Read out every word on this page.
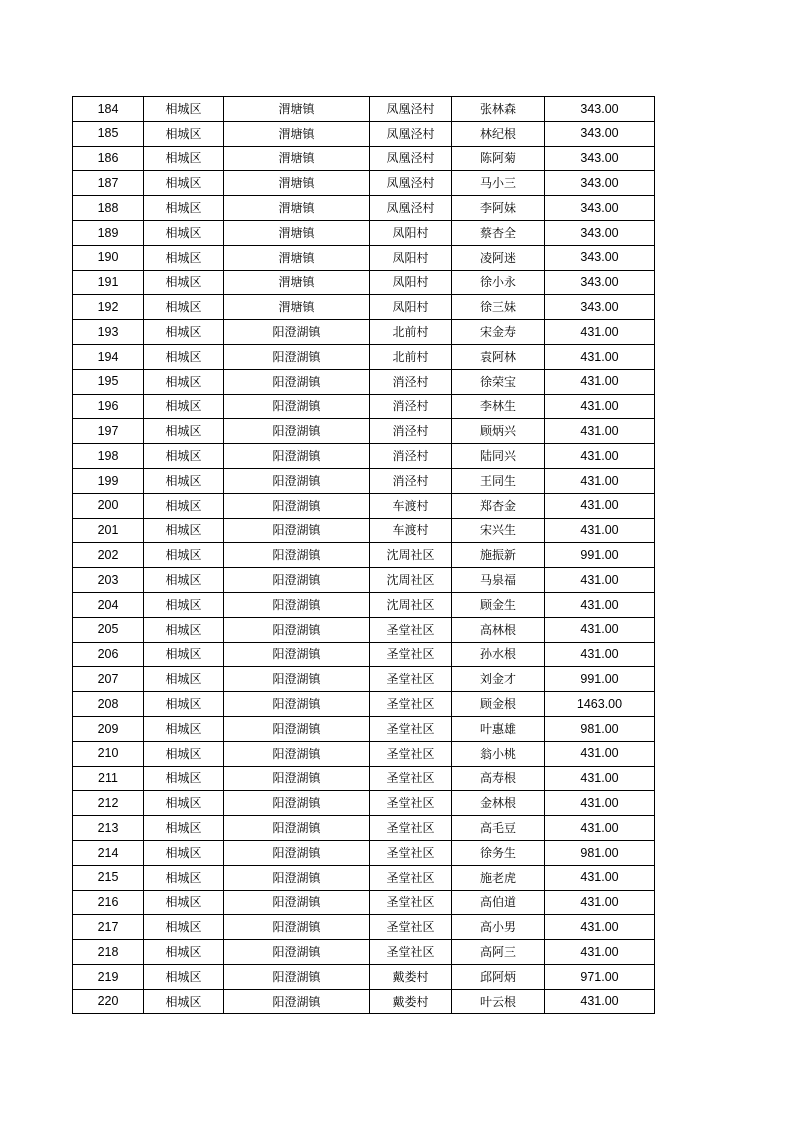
184	相城区	渭塘镇	凤凰泾村	张林森	343.00
185	相城区	渭塘镇	凤凰泾村	林纪根	343.00
186	相城区	渭塘镇	凤凰泾村	陈阿菊	343.00
187	相城区	渭塘镇	凤凰泾村	马小三	343.00
188	相城区	渭塘镇	凤凰泾村	李阿妹	343.00
189	相城区	渭塘镇	凤阳村	蔡杏全	343.00
190	相城区	渭塘镇	凤阳村	凌阿迷	343.00
191	相城区	渭塘镇	凤阳村	徐小永	343.00
192	相城区	渭塘镇	凤阳村	徐三妹	343.00
193	相城区	阳澄湖镇	北前村	宋金寿	431.00
194	相城区	阳澄湖镇	北前村	袁阿林	431.00
195	相城区	阳澄湖镇	消泾村	徐荣宝	431.00
196	相城区	阳澄湖镇	消泾村	李林生	431.00
197	相城区	阳澄湖镇	消泾村	顾炳兴	431.00
198	相城区	阳澄湖镇	消泾村	陆同兴	431.00
199	相城区	阳澄湖镇	消泾村	王同生	431.00
200	相城区	阳澄湖镇	车渡村	郑杏金	431.00
201	相城区	阳澄湖镇	车渡村	宋兴生	431.00
202	相城区	阳澄湖镇	沈周社区	施振新	991.00
203	相城区	阳澄湖镇	沈周社区	马泉福	431.00
204	相城区	阳澄湖镇	沈周社区	顾金生	431.00
205	相城区	阳澄湖镇	圣堂社区	高林根	431.00
206	相城区	阳澄湖镇	圣堂社区	孙水根	431.00
207	相城区	阳澄湖镇	圣堂社区	刘金才	991.00
208	相城区	阳澄湖镇	圣堂社区	顾金根	1463.00
209	相城区	阳澄湖镇	圣堂社区	叶惠雄	981.00
210	相城区	阳澄湖镇	圣堂社区	翁小桃	431.00
211	相城区	阳澄湖镇	圣堂社区	高寿根	431.00
212	相城区	阳澄湖镇	圣堂社区	金林根	431.00
213	相城区	阳澄湖镇	圣堂社区	高毛豆	431.00
214	相城区	阳澄湖镇	圣堂社区	徐务生	981.00
215	相城区	阳澄湖镇	圣堂社区	施老虎	431.00
216	相城区	阳澄湖镇	圣堂社区	高伯道	431.00
217	相城区	阳澄湖镇	圣堂社区	高小男	431.00
218	相城区	阳澄湖镇	圣堂社区	高阿三	431.00
219	相城区	阳澄湖镇	戴娄村	邱阿炳	971.00
220	相城区	阳澄湖镇	戴娄村	叶云根	431.00
